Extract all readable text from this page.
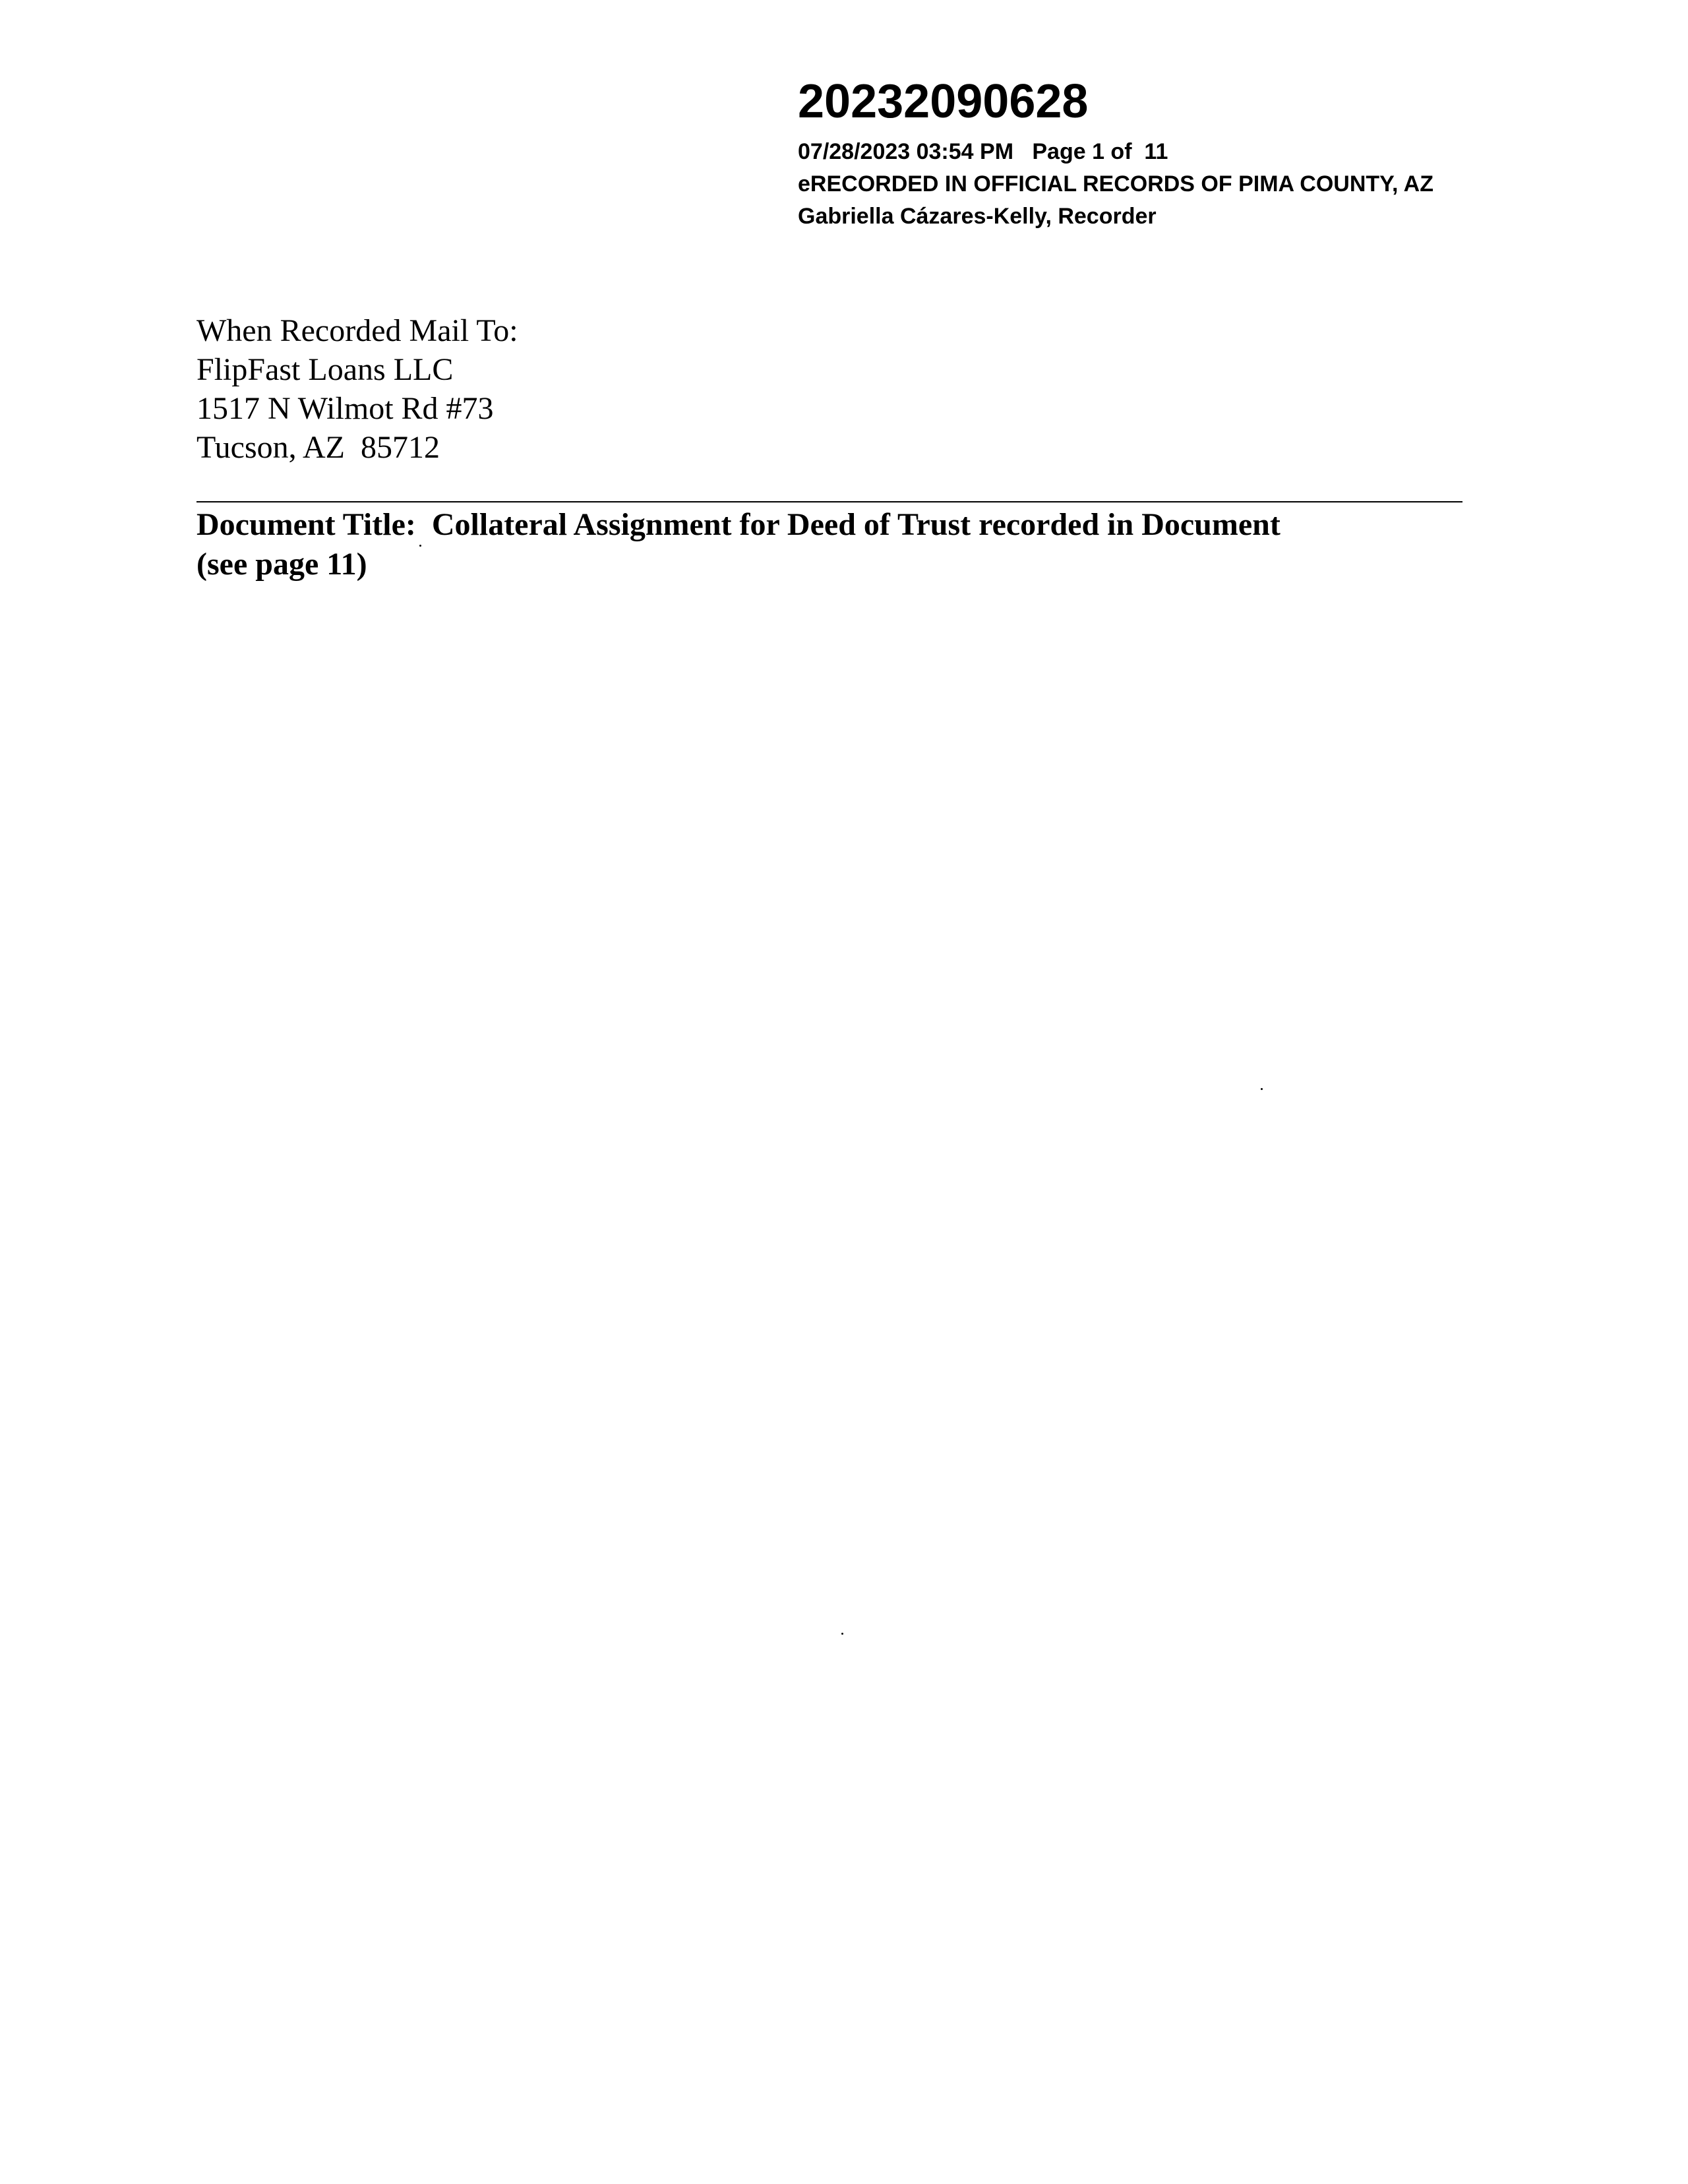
20232090628
07/28/2023 03:54 PM   Page 1 of  11
eRECORDED IN OFFICIAL RECORDS OF PIMA COUNTY, AZ
Gabriella Cázares-Kelly, Recorder
When Recorded Mail To:
FlipFast Loans LLC
1517 N Wilmot Rd #73
Tucson, AZ  85712
Document Title:  Collateral Assignment for Deed of Trust recorded in Document
(see page 11)
